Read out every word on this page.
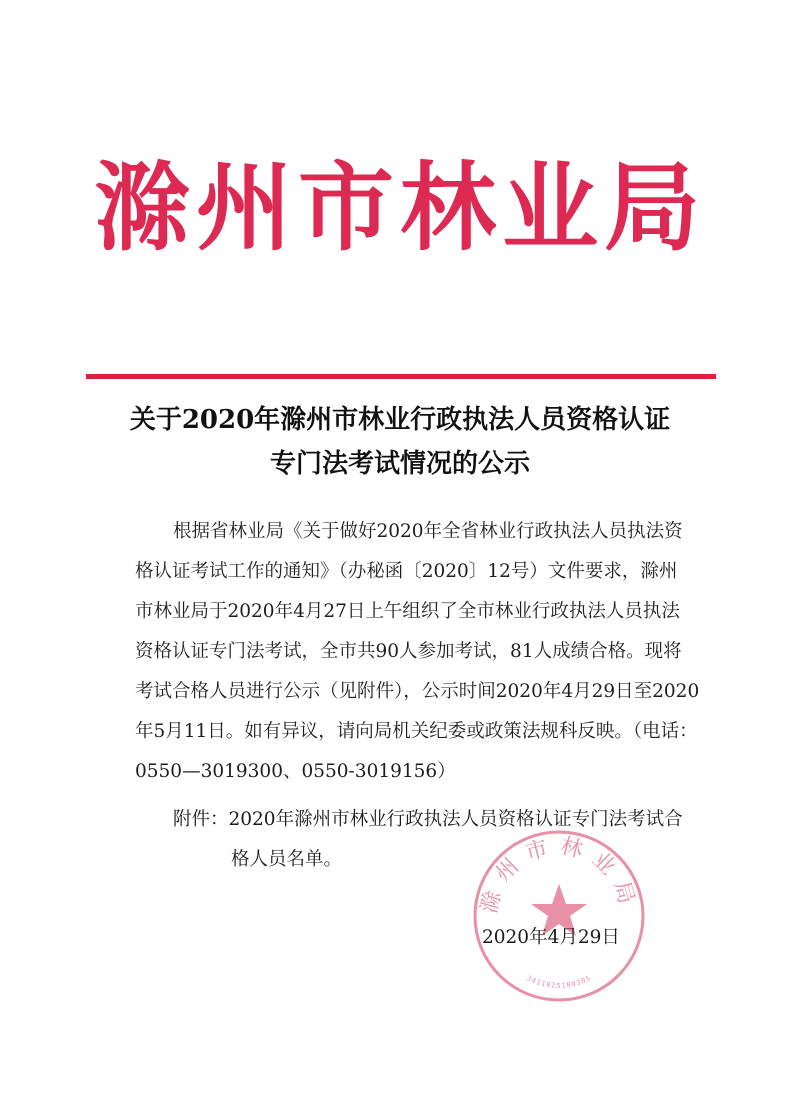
滁州市林业局
关于2020年滁州市林业行政执法人员资格认证
专门法考试情况的公示
根据省林业局《关于做好2020年全省林业行政执法人员执法资
格认证考试工作的通知》（办秘函〔2020〕12号）文件要求，滁州
市林业局于2020年4月27日上午组织了全市林业行政执法人员执法
资格认证专门法考试，全市共90人参加考试，81人成绩合格。现将
考试合格人员进行公示（见附件），公示时间2020年4月29日至2020
年5月11日。如有异议，请向局机关纪委或政策法规科反映。（电话：
0550—3019300、0550-3019156）
附件：2020年滁州市林业行政执法人员资格认证专门法考试合
格人员名单。
滁州市林业局
3411025100305
2020年4月29日
